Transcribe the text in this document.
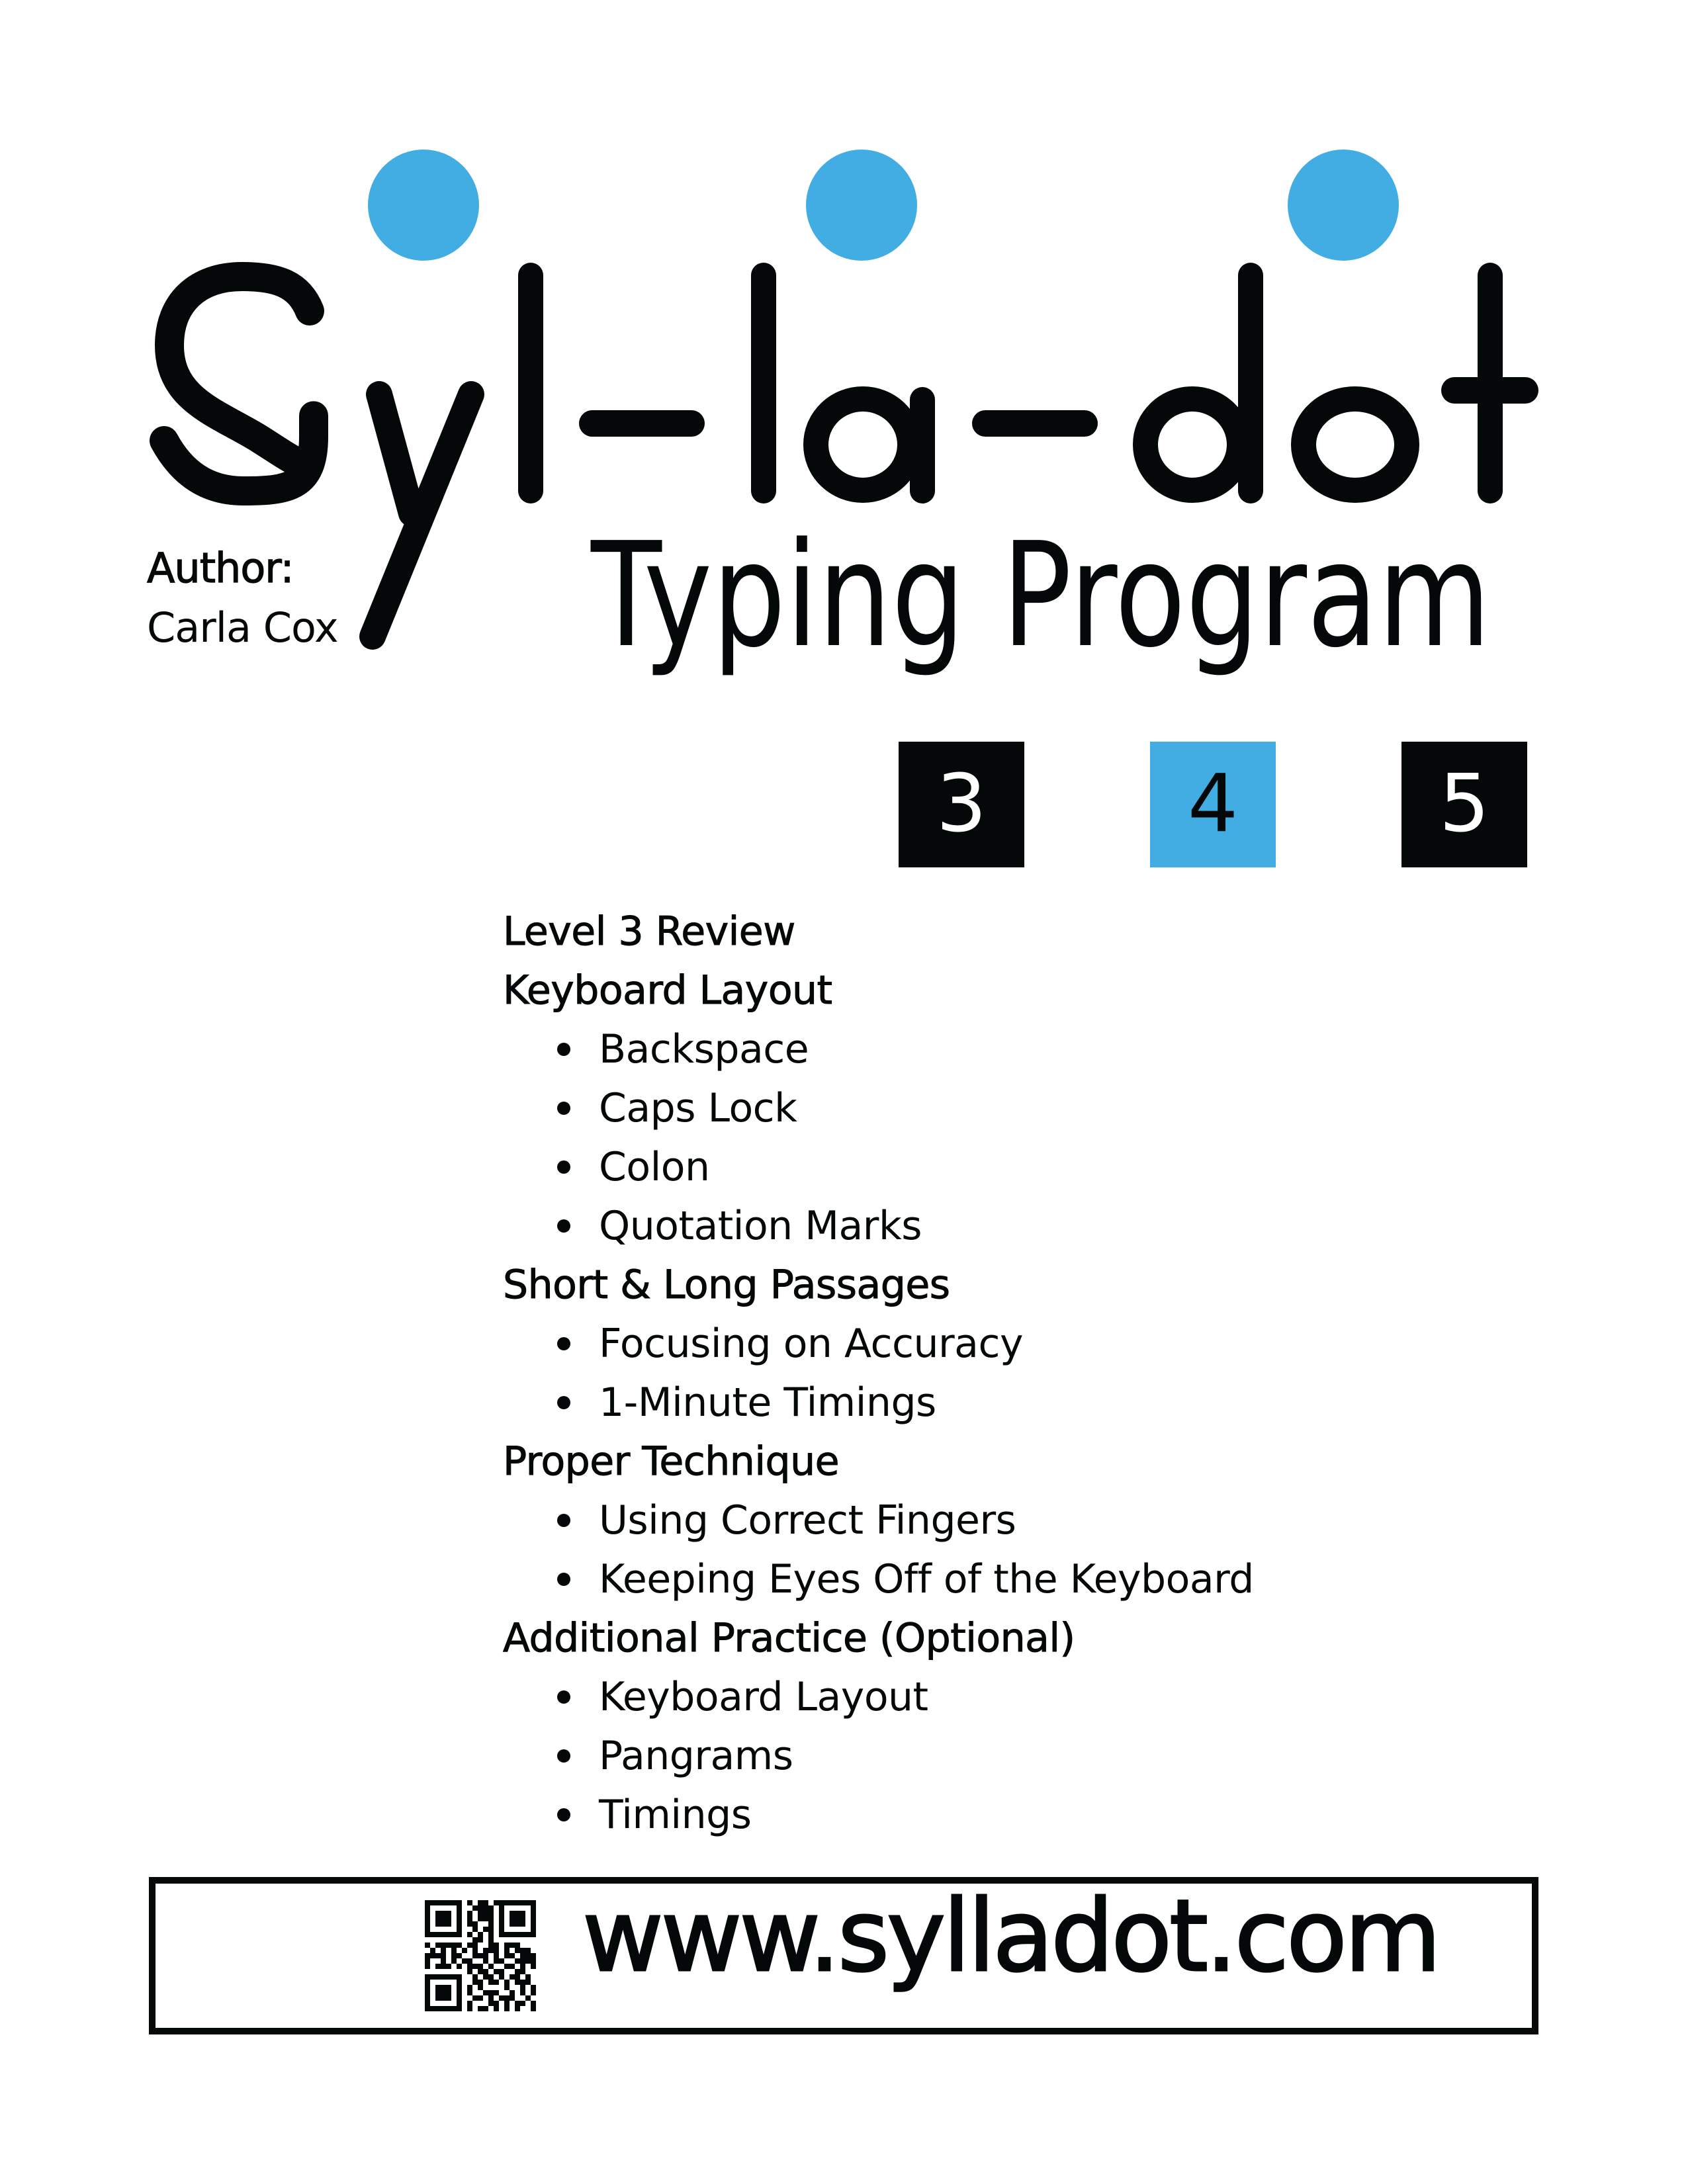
Typing Program
Author:
Carla Cox
3	4	5
Level 3 Review
Keyboard Layout
Backspace
Caps Lock
Colon
Quotation Marks
Short & Long Passages
Focusing on Accuracy
1-Minute Timings
Proper Technique
Using Correct Fingers
Keeping Eyes Off of the Keyboard
Additional Practice (Optional)
Keyboard Layout
Pangrams
Timings
www.sylladot.com
